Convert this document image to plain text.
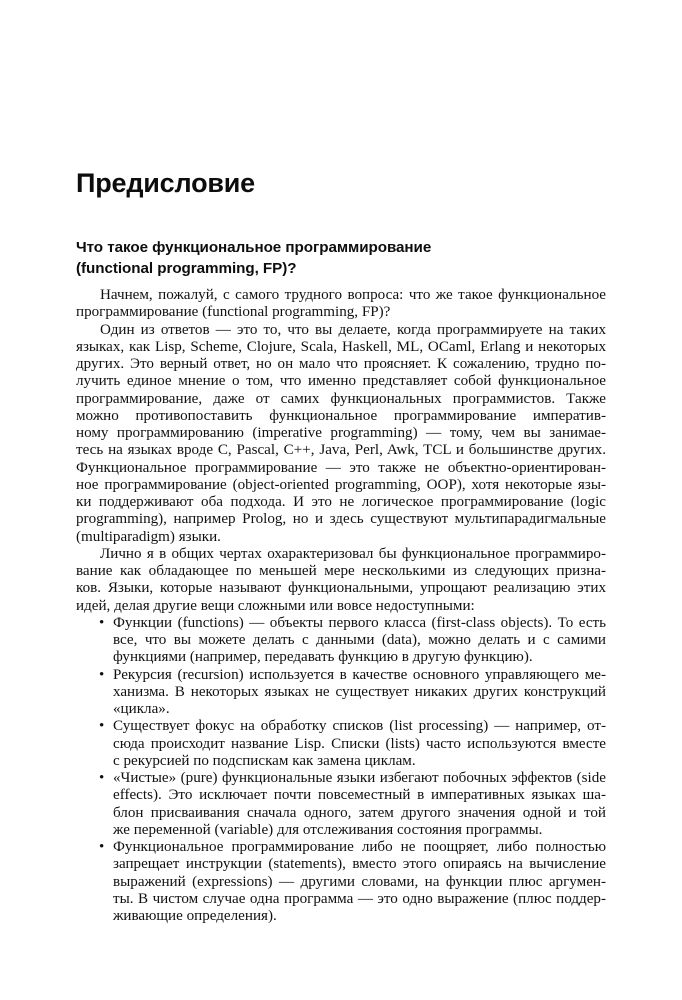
Предисловие
Что такое функциональное программирование
(functional programming, FP)?

Начнем, пожалуй, с самого трудного вопроса: что же такое функциональное
программирование (functional programming, FP)?

Один из ответов — это то, что вы делаете, когда программируете на таких
языках, как Lisp, Scheme, Clojure, Scala, Haskell, ML, OCaml, Erlang и некоторых
других. Это верный ответ, но он мало что проясняет. К сожалению, трудно по-
лучить единое мнение о том, что именно представляет собой функциональное
программирование, даже от самих функциональных программистов. Также
можно противопоставить функциональное программирование императив-
ному программированию (imperative programming) — тому, чем вы занимае-
тесь на языках вроде C, Pascal, C++, Java, Perl, Awk, TCL и большинстве других.
Функциональное программирование — это также не объектно-ориентирован-
ное программирование (object-oriented programming, OOP), хотя некоторые язы-
ки поддерживают оба подхода. И это не логическое программирование (logic
programming), например Prolog, но и здесь существуют мультипарадигмальные
(multiparadigm) языки.

Лично я в общих чертах охарактеризовал бы функциональное программиро-
вание как обладающее по меньшей мере несколькими из следующих призна-
ков. Языки, которые называют функциональными, упрощают реализацию этих
идей, делая другие вещи сложными или вовсе недоступными:

• Функции (functions) — объекты первого класса (first-class objects). То есть
все, что вы можете делать с данными (data), можно делать и с самими
функциями (например, передавать функцию в другую функцию).
• Рекурсия (recursion) используется в качестве основного управляющего ме-
ханизма. В некоторых языках не существует никаких других конструкций
«цикла».
• Существует фокус на обработку списков (list processing) — например, от-
сюда происходит название Lisp. Списки (lists) часто используются вместе
с рекурсией по подспискам как замена циклам.
• «Чистые» (pure) функциональные языки избегают побочных эффектов (side
effects). Это исключает почти повсеместный в императивных языках ша-
блон присваивания сначала одного, затем другого значения одной и той
же переменной (variable) для отслеживания состояния программы.
• Функциональное программирование либо не поощряет, либо полностью
запрещает инструкции (statements), вместо этого опираясь на вычисление
выражений (expressions) — другими словами, на функции плюс аргумен-
ты. В чистом случае одна программа — это одно выражение (плюс поддер-
живающие определения).
